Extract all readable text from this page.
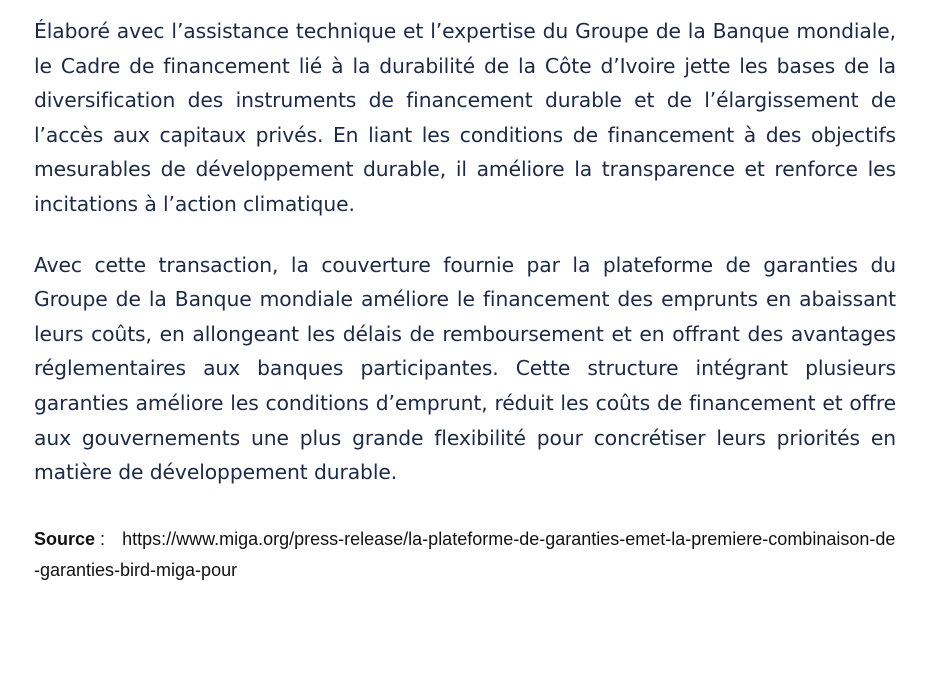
Élaboré avec l’assistance technique et l’expertise du Groupe de la Banque mondiale, le Cadre de financement lié à la durabilité de la Côte d’Ivoire jette les bases de la diversification des instruments de financement durable et de l’élargissement de l’accès aux capitaux privés. En liant les conditions de financement à des objectifs mesurables de développement durable, il améliore la transparence et renforce les incitations à l’action climatique.

Avec cette transaction, la couverture fournie par la plateforme de garanties du Groupe de la Banque mondiale améliore le financement des emprunts en abaissant leurs coûts, en allongeant les délais de remboursement et en offrant des avantages réglementaires aux banques participantes. Cette structure intégrant plusieurs garanties améliore les conditions d’emprunt, réduit les coûts de financement et offre aux gouvernements une plus grande flexibilité pour concrétiser leurs priorités en matière de développement durable.

Source : https://www.miga.org/press-release/la-plateforme-de-garanties-emet-la-premiere-combinaison-de-garanties-bird-miga-pour
